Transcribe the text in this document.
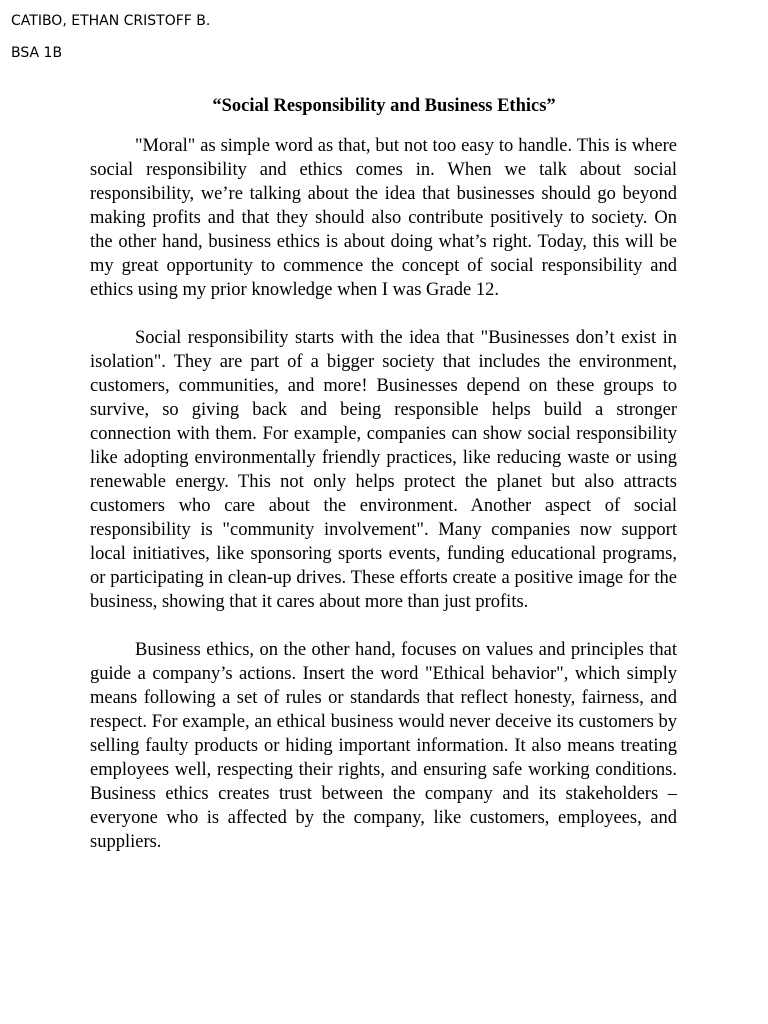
CATIBO, ETHAN CRISTOFF B.
BSA 1B
“Social Responsibility and Business Ethics”

"Moral" as simple word as that, but not too easy to handle. This is where social responsibility and ethics comes in. When we talk about social responsibility, we’re talking about the idea that businesses should go beyond making profits and that they should also contribute positively to society. On the other hand, business ethics is about doing what’s right. Today, this will be my great opportunity to commence the concept of social responsibility and ethics using my prior knowledge when I was Grade 12.

Social responsibility starts with the idea that "Businesses don’t exist in isolation". They are part of a bigger society that includes the environment, customers, communities, and more! Businesses depend on these groups to survive, so giving back and being responsible helps build a stronger connection with them. For example, companies can show social responsibility like adopting environmentally friendly practices, like reducing waste or using renewable energy. This not only helps protect the planet but also attracts customers who care about the environment. Another aspect of social responsibility is "community involvement". Many companies now support local initiatives, like sponsoring sports events, funding educational programs, or participating in clean-up drives. These efforts create a positive image for the business, showing that it cares about more than just profits.

Business ethics, on the other hand, focuses on values and principles that guide a company’s actions. Insert the word "Ethical behavior", which simply means following a set of rules or standards that reflect honesty, fairness, and respect. For example, an ethical business would never deceive its customers by selling faulty products or hiding important information. It also means treating employees well, respecting their rights, and ensuring safe working conditions. Business ethics creates trust between the company and its stakeholders – everyone who is affected by the company, like customers, employees, and suppliers.
